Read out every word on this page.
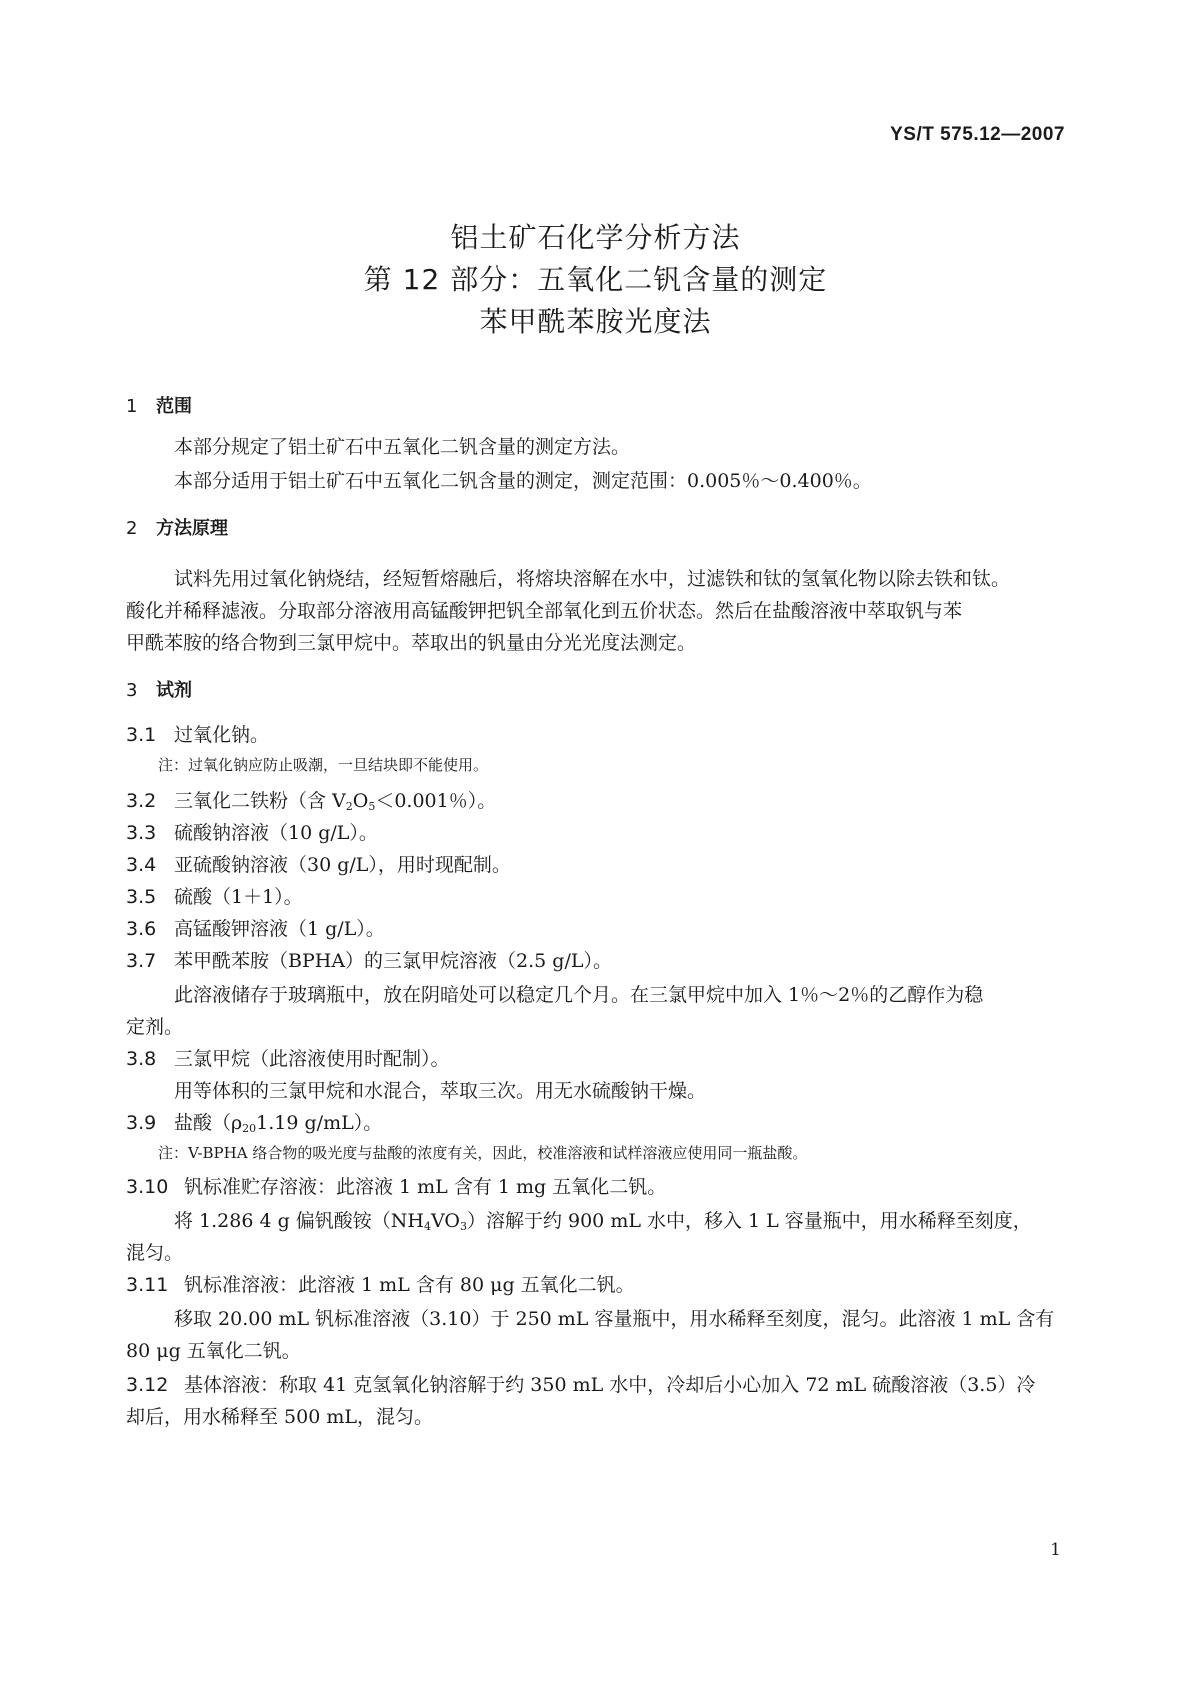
YS/T 575.12—2007
铝土矿石化学分析方法
第 12 部分：五氧化二钒含量的测定
苯甲酰苯胺光度法
1 范围
本部分规定了铝土矿石中五氧化二钒含量的测定方法。
本部分适用于铝土矿石中五氧化二钒含量的测定，测定范围：0.005％～0.400％。
2 方法原理
试料先用过氧化钠烧结，经短暂熔融后，将熔块溶解在水中，过滤铁和钛的氢氧化物以除去铁和钛。
酸化并稀释滤液。分取部分溶液用高锰酸钾把钒全部氧化到五价状态。然后在盐酸溶液中萃取钒与苯
甲酰苯胺的络合物到三氯甲烷中。萃取出的钒量由分光光度法测定。
3 试剂
3.1 过氧化钠。
注：过氧化钠应防止吸潮，一旦结块即不能使用。
3.2 三氧化二铁粉（含 $V_2O_5<0.001$％）。
3.3 硫酸钠溶液（10 g/L）。
3.4 亚硫酸钠溶液（30 g/L），用时现配制。
3.5 硫酸（1＋1）。
3.6 高锰酸钾溶液（1 g/L）。
3.7 苯甲酰苯胺（BPHA）的三氯甲烷溶液（2.5 g/L）。
此溶液储存于玻璃瓶中，放在阴暗处可以稳定几个月。在三氯甲烷中加入 1％～2％的乙醇作为稳
定剂。
3.8 三氯甲烷（此溶液使用时配制）。
用等体积的三氯甲烷和水混合，萃取三次。用无水硫酸钠干燥。
3.9 盐酸（$\rho_{20}1.19$ g/mL）。
注：V-BPHA 络合物的吸光度与盐酸的浓度有关，因此，校准溶液和试样溶液应使用同一瓶盐酸。
3.10 钒标准贮存溶液：此溶液 1 mL 含有 1 mg 五氧化二钒。
将 1.286 4 g 偏钒酸铵$(NH_4VO_3)$溶解于约 900 mL 水中，移入 1 L 容量瓶中，用水稀释至刻度，
混匀。
3.11 钒标准溶液：此溶液 1 mL 含有 80 μg 五氧化二钒。
移取 20.00 mL 钒标准溶液（3.10）于 250 mL 容量瓶中，用水稀释至刻度，混匀。此溶液 1 mL 含有
80 μg 五氧化二钒。
3.12 基体溶液：称取 41 克氢氧化钠溶解于约 350 mL 水中，冷却后小心加入 72 mL 硫酸溶液（3.5）冷
却后，用水稀释至 500 mL，混匀。
1
